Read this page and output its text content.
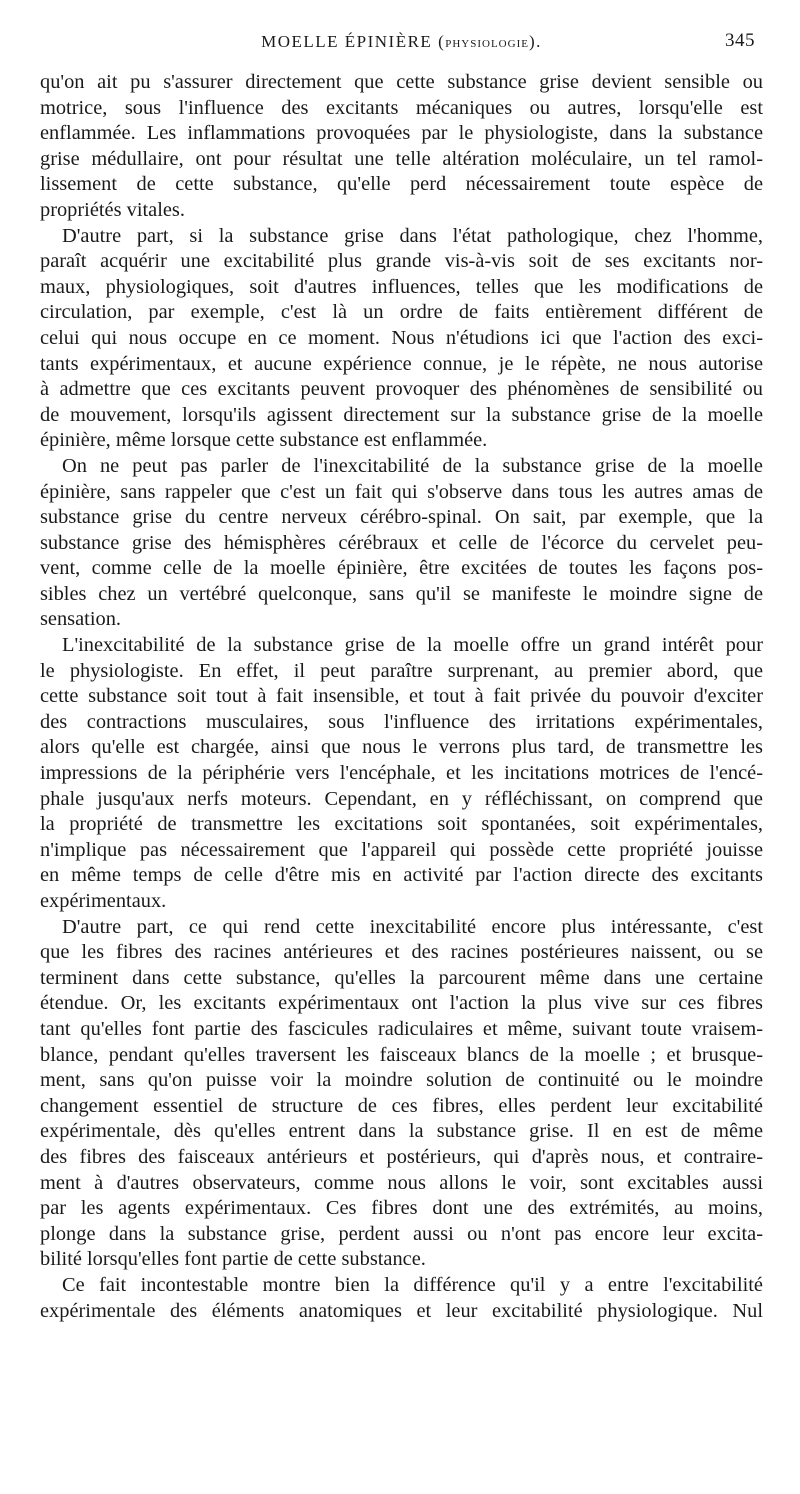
MOELLE ÉPINIÈRE (PHYSIOLOGIE).	345

qu'on ait pu s'assurer directement que cette substance grise devient sensible ou
motrice, sous l'influence des excitants mécaniques ou autres, lorsqu'elle est
enflammée. Les inflammations provoquées par le physiologiste, dans la substance
grise médullaire, ont pour résultat une telle altération moléculaire, un tel ramol-
lissement de cette substance, qu'elle perd nécessairement toute espèce de
propriétés vitales.

D'autre part, si la substance grise dans l'état pathologique, chez l'homme,
paraît acquérir une excitabilité plus grande vis-à-vis soit de ses excitants nor-
maux, physiologiques, soit d'autres influences, telles que les modifications de
circulation, par exemple, c'est là un ordre de faits entièrement différent de
celui qui nous occupe en ce moment. Nous n'étudions ici que l'action des exci-
tants expérimentaux, et aucune expérience connue, je le répète, ne nous autorise
à admettre que ces excitants peuvent provoquer des phénomènes de sensibilité ou
de mouvement, lorsqu'ils agissent directement sur la substance grise de la moelle
épinière, même lorsque cette substance est enflammée.

On ne peut pas parler de l'inexcitabilité de la substance grise de la moelle
épinière, sans rappeler que c'est un fait qui s'observe dans tous les autres amas de
substance grise du centre nerveux cérébro-spinal. On sait, par exemple, que la
substance grise des hémisphères cérébraux et celle de l'écorce du cervelet peu-
vent, comme celle de la moelle épinière, être excitées de toutes les façons pos-
sibles chez un vertébré quelconque, sans qu'il se manifeste le moindre signe de
sensation.

L'inexcitabilité de la substance grise de la moelle offre un grand intérêt pour
le physiologiste. En effet, il peut paraître surprenant, au premier abord, que
cette substance soit tout à fait insensible, et tout à fait privée du pouvoir d'exciter
des contractions musculaires, sous l'influence des irritations expérimentales,
alors qu'elle est chargée, ainsi que nous le verrons plus tard, de transmettre les
impressions de la périphérie vers l'encéphale, et les incitations motrices de l'encé-
phale jusqu'aux nerfs moteurs. Cependant, en y réfléchissant, on comprend que
la propriété de transmettre les excitations soit spontanées, soit expérimentales,
n'implique pas nécessairement que l'appareil qui possède cette propriété jouisse
en même temps de celle d'être mis en activité par l'action directe des excitants
expérimentaux.

D'autre part, ce qui rend cette inexcitabilité encore plus intéressante, c'est
que les fibres des racines antérieures et des racines postérieures naissent, ou se
terminent dans cette substance, qu'elles la parcourent même dans une certaine
étendue. Or, les excitants expérimentaux ont l'action la plus vive sur ces fibres
tant qu'elles font partie des fascicules radiculaires et même, suivant toute vraisem-
blance, pendant qu'elles traversent les faisceaux blancs de la moelle ; et brusque-
ment, sans qu'on puisse voir la moindre solution de continuité ou le moindre
changement essentiel de structure de ces fibres, elles perdent leur excitabilité
expérimentale, dès qu'elles entrent dans la substance grise. Il en est de même
des fibres des faisceaux antérieurs et postérieurs, qui d'après nous, et contraire-
ment à d'autres observateurs, comme nous allons le voir, sont excitables aussi
par les agents expérimentaux. Ces fibres dont une des extrémités, au moins,
plonge dans la substance grise, perdent aussi ou n'ont pas encore leur excita-
bilité lorsqu'elles font partie de cette substance.

Ce fait incontestable montre bien la différence qu'il y a entre l'excitabilité
expérimentale des éléments anatomiques et leur excitabilité physiologique. Nul
